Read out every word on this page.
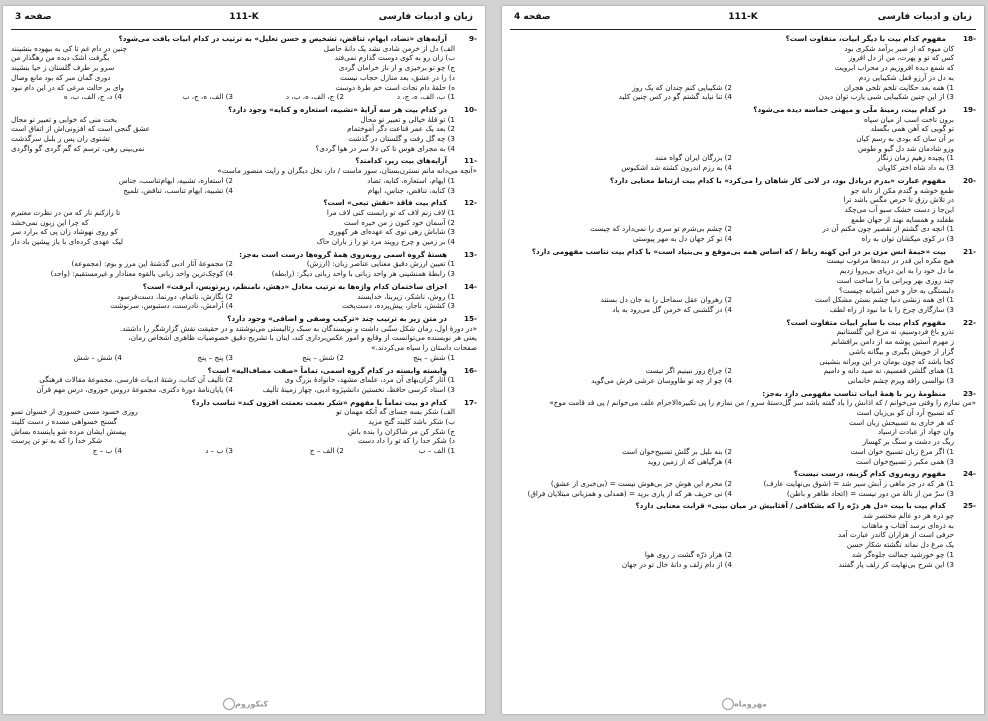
زبان و ادبیات فارسی
111-K
صفحه 3
9-
آرایه‌های «تضاد، ایهام، تناقض، تشخیص و حسن تعلیل» به ترتیب در کدام ابیات یافت می‌شود؟
الف) دل از خرمن شادی نشد یک دانهٔ حاصل
چنین در دام غم تا کی به بیهوده بنشینند
ب) زان رو به کوی دوست گذارم نمی‌فتد
بگرفت اشک دیده من رهگذار من
ج) چو تو برخیزی و از ناز خرامان گردی
سرو بر طرف گلستان ز حیا بنشیند
د) را در عشق، بعد منازل حجاب نیست
دوری گمان مبر که بود مانع وصال
ه) حلقهٔ دام نجات است خم طرهٔ دوست
وای بر حالت مرغی که در این دام نبود
1) ب، الف، ه، ج، د
2) ج، الف، ه، ب، د
3) الف، ه، ج، ب
4) د، ج، الف، ب، ه
10-
در کدام بیت هر سه آرایهٔ «تشبیه، استعاره و کنایه» وجود دارد؟
1) تو قلهٔ خیالی و تعبیر تو محال
بخت منی که خوابی و تعبیر تو محال
2) بعد یک عمر قناعت دگر آموختمام
عشق گنجی است که افزونی‌اش از اتفاق است
3) چه گل رفت و گلستان در گذشت
تشنوی زان پس ز بلبل سرگذشت
4) به مجرای هوس تا کی دلا سر در هوا گردی؟
نمی‌بینی رهی، ترسم که گم گردی گو واگردی
11-
آرایه‌های بیت زیر، کدامند؟
«آنچه می‌دانه مانم نسترن‌بستان، سور ماست / دار، نخل دیگران و رایت منصور ماست»
1) ایهام، استعاره، کنایه، تضاد
2) استعاره، تشبیه، ایهام‌تناسب، جناس
3) کنایه، تناقض، جناس، ایهام
4) تشبیه، ایهام تناسب، تناقض، تلمیح
12-
کدام بیت فاقد «نقش تبعی» است؟
1) لاف زنم لاف که تو رابست کنی لاف مرا
تا رازکنم ناز که من در نظرت معتبرم
2) آسمان خود کنون ز من خیره است
که چرا این زبون نمی‌خشد
3) شاباش زهی توی که عهده‌ای هر کهوری
کو روی نهوشاد زان پی که برارد سر
4) بر زمین و چرخ رویند مرد تو را ز باران حاک
لیک عهدی کرده‌ای با باز پیشین باد دار
13-
هستهٔ گروه اسمی روبه‌روی همهٔ گروه‌ها درست است به‌جز:
1) تعیین ارزش دقیق معنایی عناصر زبان: (ارزش)
2) مجموعهٔ آثار ادبی گذشتهٔ این مرز و بوم: (مجموعه)
3) رابطهٔ همنشینی هر واحد زبانی با واحد زبانی دیگر: (رابطه)
4) کوچک‌ترین واحد زبانی بالقوه معنادار و غیرمستقیم: (واحد)
14-
اجزای ساختمان کدام واژه‌ها به ترتیب معادل «دهش، نامنظم، زیرتویس، آبرفت» است؟
1) روش، ناشکر، زیربنا، خدایسند
2) نگارش، ناتمام، دورنما، دست‌فرسود
3) کشش، ناجار، پیش‌پرده، دست‌پخت
4) آرامش، نادرست، دستبوس، سرنوشت
15-
در متن زیر به ترتیب چند «ترکیب وصفی و اضافی» وجود دارد؟
«در دورهٔ اول، رمان شکل ستّنی داشت و نویسندگان به سبک رئالیستی می‌نوشتند و در حقیقت نقش گزارشگر را داشتند.
یعنی هر نویسنده می‌توانست از وقایع و امور عکس‌برداری کند، اینان با تشریح دقیق خصوصیات ظاهری اشخاص رمان،
صفحات داستان را سیاه می‌کردند.»
1) شش – پنج
2) شش – پنج
3) پنج – پنج
4) شش – شش
16-
وابسته وابسته در کدام گروه اسمی، تماماً «صفت مضاف‌الیه» است؟
1) آثار گران‌بهای آن مرد، علمای مشهد، خانوادهٔ بزرگ وی
2) تألیف آن کتاب، رشتهٔ ادبیات فارسی، مجموعهٔ مقالات فرهنگی
3) استاد کرسی حافظ، نخستین دانشپژوه ادبی، چهار زمینهٔ تألیف
4) پایان‌نامهٔ دورهٔ دکتری، مجموعهٔ دروس حوزوی، درس مهم قرآن
17-
کدام دو بیت تماماً با مفهوم «شکر نعمت نعمتت افزون کند» تناسب دارد؟
الف) شکر بسه جسای گه آنکه مهمان تو
روزی خسود مسی خسوری از خسوان تسو
ب) شکر باشد کلیند گنج مزید
گسنج خسواهی مسده ز دست کلیند
ج) شکر کن مر شاکران را بنده باش
پیسش ایشان مرده شو پاینسده بساش
د) شکر حدا را که تو را داد دست
شکر خدا را که به تو تن پرست
1) الف – ب
2) الف – ج
3) ب – د
4) ب – ج
کنکوروم
زبان و ادبیات فارسی
111-K
صفحه 4
18-
مفهوم کدام بیت با دیگر ابیات، متفاوت است؟
کان میوه که از صبر برآمد شکری بود
کس که تو و پهرت، من از دل افروز
که شمع دیده افروزیم در محراب ابرویت
به دل دز آرزو قفل شکیبایی زدم
1) همه بعد حکایت تلخم تلخی هجران
2) شکیبایی کنم چندان که یک روز
3) از این چنین شکیبایی شبی یارب توان دیدن
4) تنا نباید گشتم گو در کس چنین کلید
19-
در کدام بیت، زمینهٔ ملّی و میهنی حماسه دیده می‌شود؟
برون تاخت اسب از میان سپاه
تو گویی که آهن همی بگسلد
بر آن سان که بودی به رسم کیان
وزو شادمان شد دل گیو و طوس
1) پچیده زهیم زمان زنگار
2) بزرگان ایران گواه منند
3) به داد شاه اختر کاویان
4) به رزم اندرون کشته شد اشکبوس
20-
مفهوم عبارت «بدرم دریادل بود، در لانی کار شاهان را می‌کرد» با کدام بیت ارتباط معنایی دارد؟
طمع خوشه و گندم مکن از دانه جو
در تلاش رزق تا حرص مگس باشد ترا
این‌جا ز دست خشک سبو آب می‌چکد
طفلند و همسایه نهند از جهان طمع
1) انچه دی گشتم از تقصیر چون مکتم آن در
2) چشم بی‌شرم تو سری را نمی‌دارد که چیست
3) در کوی میکشان توان به راه
4) تو کز جهان دل به مهر پیوستی
21-
بیت «خیمهٔ انس مزن بر در این کهنه رباط / که اساس همه بی‌موقع و بی‌بنیاد است» با کدام بیت تناسب مفهومی دارد؟
هیچ مکره این قدر در دیده‌ها مرغوب نیست
ما دل خود را به این دریای بی‌پروا زدیم
چند روزی بهر ویرانی ما را ساخت است
دلبستگی به خار و خس آشیانه چیست؟
1) ای همه زنشی دنیا چشم بستن مشکل است
2) رهروان عقل سماحل را به جان دل بستند
3) سازگاری چرخ را با ما نبود از راه لطف
4) در گلشنی که خرمن گل می‌رود به باد
22-
مفهوم کدام بیت با سایر ابیات متفاوت است؟
تذرو باغ فردوسیم، نه مرغ این گلستانیم
ز مهرم آستین پوشه مه از دامن برافشانم
گزار از خویش بگیری و بیگانه باشی
کجا باشد که چون بومان در این ویرانه بنشینی
1) همای گلشن قفسیم، نه صید دانه و دامیم
2) چراغ روز نبینیم اگر نیست
3) نوالسی رافه ویرم چشم خانمانی
4) چو از چه تو طاووسان عرشی فرش می‌گوید
23-
منظومهٔ زیر با همهٔ ابیات تناسب مفهومی دارد به‌جز:
«من نمازم را وقتی می‌خوانم / که اذانش را باد گفته باشد سر گل‌دستهٔ سرو / من نمازم را پی تکبیرةالاحرام علف می‌خوانم / پی قد قامت موج»
که تسبیح آرد آن کو بی‌زبان است
که هر خاری به تسبیحش زبان است
وان جهاد از عبادت ازسیاد
ریگ در دشت و سنگ بر کهسار
1) اگر مرغ زبان تسبیح خوان است
2) بنه بلبل بر گلش تسبیح‌خوان است
3) همی مکبر ز تسبیح‌خوان است
4) هرگیاهی که از زمین روید
24-
مفهوم روبه‌روی کدام گزینه، درست نیست؟
1) هر که در جز ماهی ز آبش سیر شد = (شوق بی‌نهایت عارف)
2) محرم این هوش جز بی‌هوش نیست = (بی‌خبری از عشق)
3) سرّ من از نالهٔ من دور نیست = (اتحاد ظاهر و باطن)
4) نی حریف هر که از یاری برید = (همدلی و همزبانی مبتلایان فراق)
25-
کدام بیت با بیت «دل هر ذرّه را که بشکافی / آفتابیش در میان بینی» قرابت معنایی دارد؟
چو ذره هر دو عالم مختصر شد
به ذره‌ای نرسد آفتاب و ماهتاب
حرفی است از هزاران کاندر عبارت آمد
یک مرغ دل نماند نگشته شکار حسن
1) چو خورشید جمالت جلوه‌گر شد
2) هزار ذرّه گشت ز روی هوا
3) این شرح بی‌نهایت کز زلف یار گفتند
4) از دام زلف و دانهٔ خال تو در جهان
مهروماه
